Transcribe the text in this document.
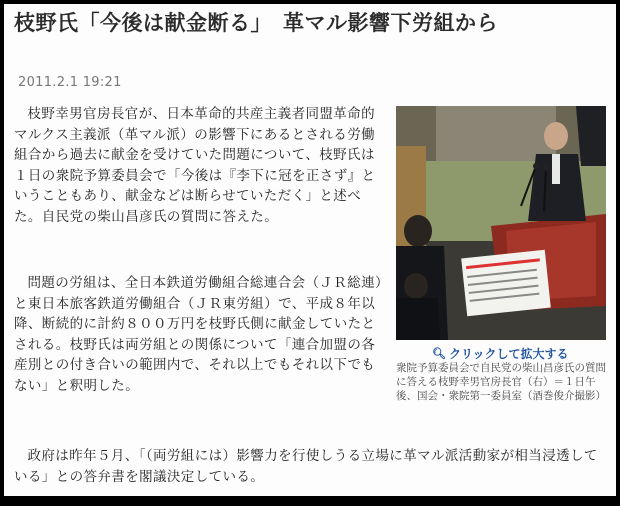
枝野氏「今後は献金断る」　革マル影響下労組から
2011.2.1 19:21

枝野幸男官房長官が、日本革命的共産主義者同盟革命的マルクス主義派（革マル派）の影響下にあるとされる労働組合から過去に献金を受けていた問題について、枝野氏は１日の衆院予算委員会で「今後は『李下に冠を正さず』ということもあり、献金などは断らせていただく」と述べた。自民党の柴山昌彦氏の質問に答えた。

問題の労組は、全日本鉄道労働組合総連合会（ＪＲ総連）と東日本旅客鉄道労働組合（ＪＲ東労組）で、平成８年以降、断続的に計約８００万円を枝野氏側に献金していたとされる。枝野氏は両労組との関係について「連合加盟の各産別との付き合いの範囲内で、それ以上でもそれ以下でもない」と釈明した。

政府は昨年５月、「（両労組には）影響力を行使しうる立場に革マル派活動家が相当浸透している」との答弁書を閣議決定している。

🔍︎ クリックして拡大する

衆院予算委員会で自民党の柴山昌彦氏の質問に答える枝野幸男官房長官（右）＝１日午後、国会・衆院第一委員室（酒巻俊介撮影）
